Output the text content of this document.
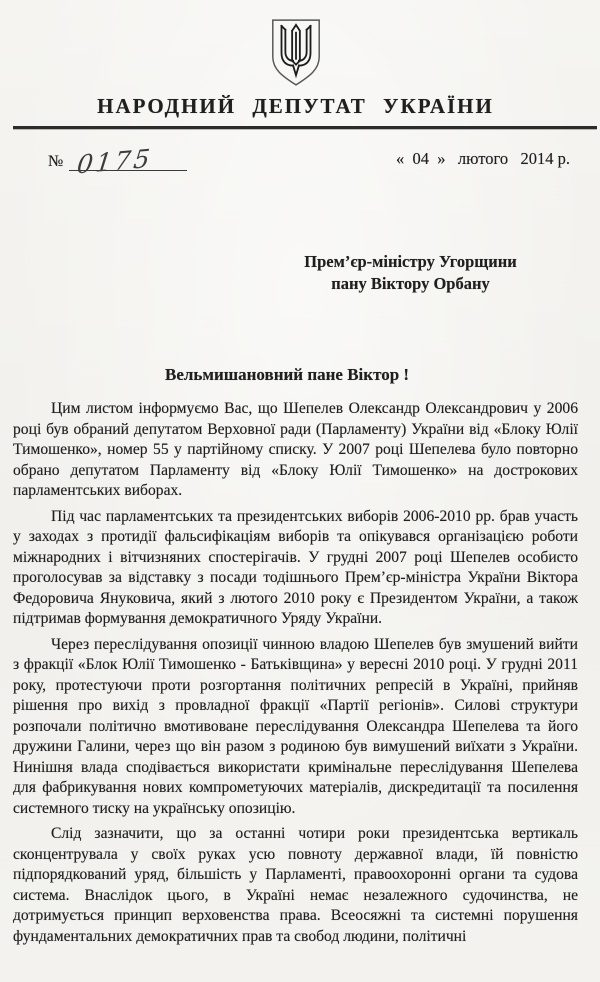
НАРОДНИЙ ДЕПУТАТ УКРАЇНИ
№ 0175	«  04  »   лютого   2014 р.
Прем’єр-міністру Угорщини
пану Віктору Орбану
Вельмишановний пане Віктор !

Цим листом інформуємо Вас, що Шепелев Олександр Олександрович у 2006 році був обраний депутатом Верховної ради (Парламенту) України від «Блоку Юлії Тимошенко», номер 55 у партійному списку. У 2007 році Шепелева було повторно обрано депутатом Парламенту від «Блоку Юлії Тимошенко» на дострокових парламентських виборах.

Під час парламентських та президентських виборів 2006-2010 рр. брав участь у заходах з протидії фальсифікаціям виборів та опікувався організацією роботи міжнародних і вітчизняних спостерігачів. У грудні 2007 році Шепелев особисто проголосував за відставку з посади тодішнього Прем’єр-міністра України Віктора Федоровича Януковича, який з лютого 2010 року є Президентом України, а також підтримав формування демократичного Уряду України.

Через переслідування опозиції чинною владою Шепелев був змушений вийти з фракції «Блок Юлії Тимошенко - Батьківщина» у вересні 2010 році. У грудні 2011 року, протестуючи проти розгортання політичних репресій в Україні, прийняв рішення про вихід з провладної фракції «Партії регіонів». Силові структури розпочали політично вмотивоване переслідування Олександра Шепелева та його дружини Галини, через що він разом з родиною був вимушений виїхати з України. Нинішня влада сподівається використати кримінальне переслідування Шепелева для фабрикування нових компрометуючих матеріалів, дискредитації та посилення системного тиску на українську опозицію.

Слід зазначити, що за останні чотири роки президентська вертикаль сконцентрувала у своїх руках усю повноту державної влади, їй повністю підпорядкований уряд, більшість у Парламенті, правоохоронні органи та судова система. Внаслідок цього, в Україні немає незалежного судочинства, не дотримується принцип верховенства права. Всеосяжні та системні порушення фундаментальних демократичних прав та свобод людини, політичні
